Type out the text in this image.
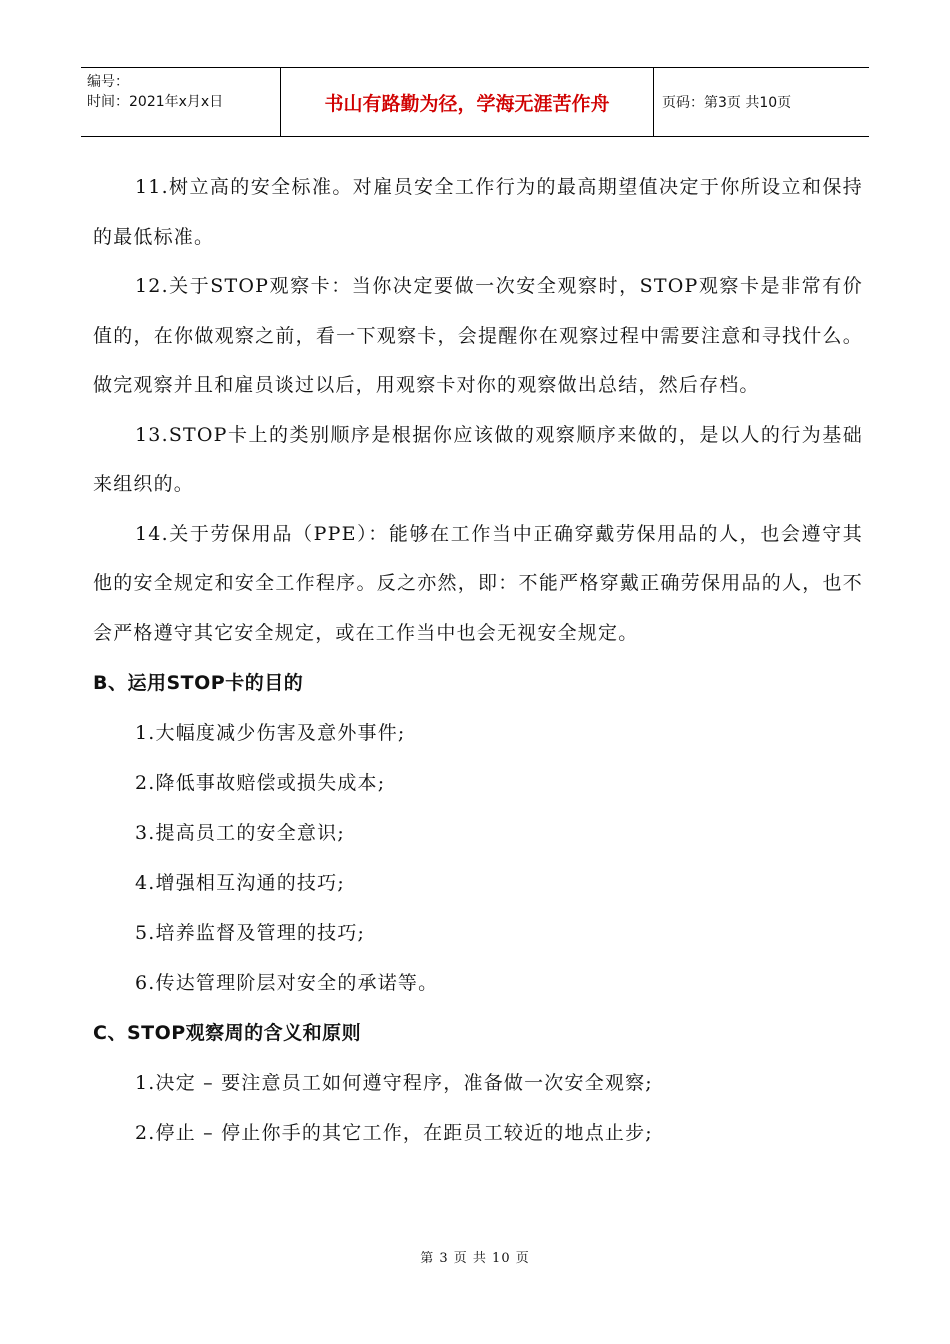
编号：
时间：2021年x月x日	书山有路勤为径，学海无涯苦作舟	页码：第3页 共10页

11.树立高的安全标准。对雇员安全工作行为的最高期望值决定于你所设立和保持的最低标准。

12.关于STOP观察卡：当你决定要做一次安全观察时，STOP观察卡是非常有价值的，在你做观察之前，看一下观察卡，会提醒你在观察过程中需要注意和寻找什么。做完观察并且和雇员谈过以后，用观察卡对你的观察做出总结，然后存档。

13.STOP卡上的类别顺序是根据你应该做的观察顺序来做的，是以人的行为基础来组织的。

14.关于劳保用品（PPE）：能够在工作当中正确穿戴劳保用品的人，也会遵守其他的安全规定和安全工作程序。反之亦然，即：不能严格穿戴正确劳保用品的人，也不会严格遵守其它安全规定，或在工作当中也会无视安全规定。

B、运用STOP卡的目的

1.大幅度减少伤害及意外事件;

2.降低事故赔偿或损失成本;

3.提高员工的安全意识;

4.增强相互沟通的技巧;

5.培养监督及管理的技巧;

6.传达管理阶层对安全的承诺等。

C、STOP观察周的含义和原则

1.决定 – 要注意员工如何遵守程序，准备做一次安全观察;

2.停止 – 停止你手的其它工作，在距员工较近的地点止步;

第 3 页 共 10 页
